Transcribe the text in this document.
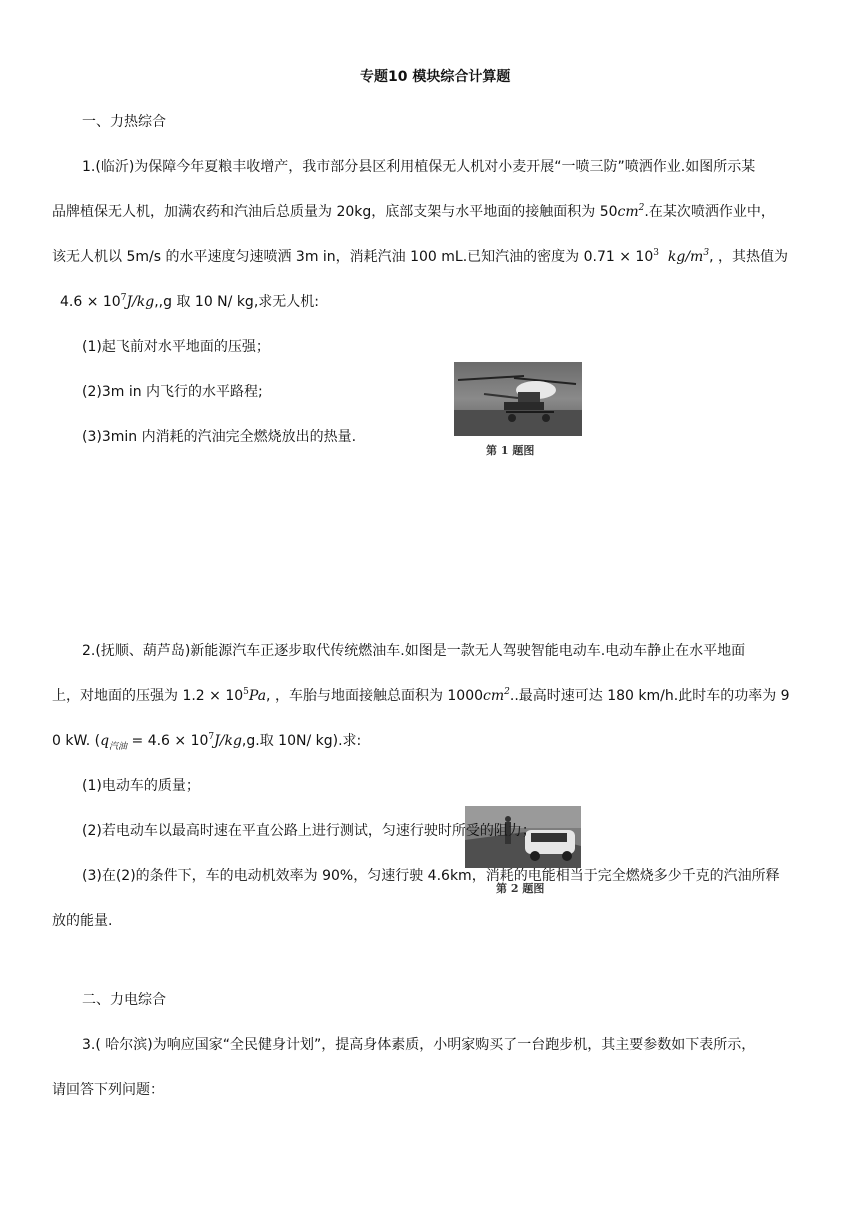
专题10 模块综合计算题
一、力热综合
1.(临沂)为保障今年夏粮丰收增产，我市部分县区利用植保无人机对小麦开展“一喷三防”喷洒作业.如图所示某
品牌植保无人机，加满农药和汽油后总质量为 20kg，底部支架与水平地面的接触面积为 $50cm^2$.在某次喷洒作业中，
该无人机以 5m/s 的水平速度匀速喷洒 3m in，消耗汽油 100 mL.已知汽油的密度为 $0.71 \times 10^3$ $kg/m^3$, ，其热值为
$4.6 \times 10^7J/kg,,g$ 取 10 N/ kg,求无人机:
(1)起飞前对水平地面的压强；
(2)3m in 内飞行的水平路程;
(3)3min 内消耗的汽油完全燃烧放出的热量.
第 1 题图
2.(抚顺、葫芦岛)新能源汽车正逐步取代传统燃油车.如图是一款无人驾驶智能电动车.电动车静止在水平地面
上，对地面的压强为 $1.2 \times 10^5Pa$, ，车胎与地面接触总面积为 $1000cm^2$..最高时速可达 180 km/h.此时车的功率为 9
0 kW. ($q_{汽油} = 4.6 \times 10^7J/kg,g$.取 10N/ kg).求:
(1)电动车的质量；
(2)若电动车以最高时速在平直公路上进行测试，匀速行驶时所受的阻力；
(3)在(2)的条件下，车的电动机效率为 90%，匀速行驶 4.6km，消耗的电能相当于完全燃烧多少千克的汽油所释
第 2 题图
放的能量.
二、力电综合
3.( 哈尔滨)为响应国家“全民健身计划”，提高身体素质，小明家购买了一台跑步机，其主要参数如下表所示，
请回答下列问题：
